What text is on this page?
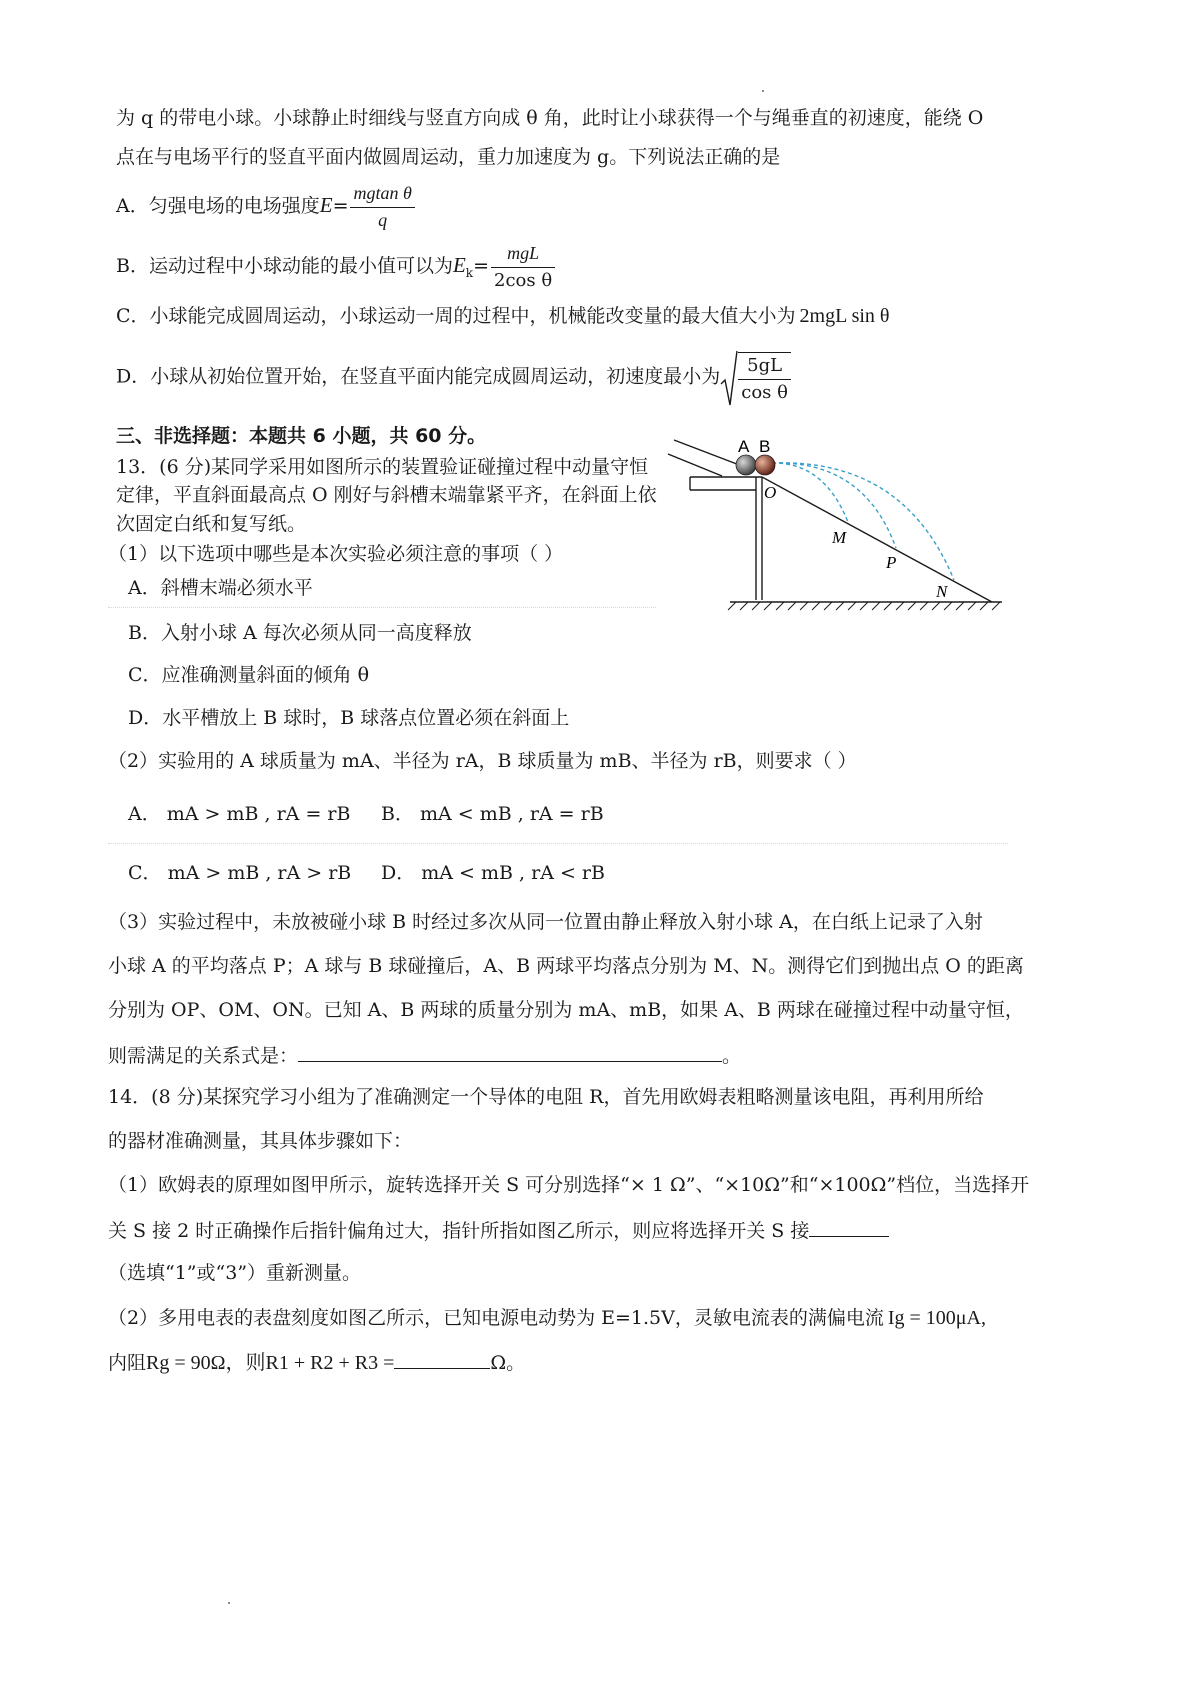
为 q 的带电小球。小球静止时细线与竖直方向成 θ 角，此时让小球获得一个与绳垂直的初速度，能绕 O
点在与电场平行的竖直平面内做圆周运动，重力加速度为 g。下列说法正确的是
A．匀强电场的电场强度$E= \frac{\text{mgtan θ}}{q}$
B．运动过程中小球动能的最小值可以为$E_k= \frac{\text{mgL}}{\text{2cos θ}}$
C．小球能完成圆周运动，小球运动一周的过程中，机械能改变量的最大值大小为 2mgL sin θ
D．小球从初始位置开始，在竖直平面内能完成圆周运动，初速度最小为 $\frac{5gL}{\text{cos θ}}$
三、非选择题：本题共 6 小题，共 60 分。
13．(6 分)某同学采用如图所示的装置验证碰撞过程中动量守恒
定律，平直斜面最高点 O 刚好与斜槽末端靠紧平齐，在斜面上依
次固定白纸和复写纸。
（1）以下选项中哪些是本次实验必须注意的事项（ ）
A．斜槽末端必须水平
B．入射小球 A 每次必须从同一高度释放
C．应准确测量斜面的倾角 θ
D．水平槽放上 B 球时，B 球落点位置必须在斜面上
（2）实验用的 A 球质量为 mA、半径为 rA，B 球质量为 mB、半径为 rB，则要求（ ）
A． mA > mB , rA = rB B． mA < mB , rA = rB
C． mA > mB , rA > rB D． mA < mB , rA < rB
（3）实验过程中，未放被碰小球 B 时经过多次从同一位置由静止释放入射小球 A，在白纸上记录了入射
小球 A 的平均落点 P；A 球与 B 球碰撞后，A、B 两球平均落点分别为 M、N。测得它们到抛出点 O 的距离
分别为 OP、OM、ON。已知 A、B 两球的质量分别为 mA、mB，如果 A、B 两球在碰撞过程中动量守恒，
则需满足的关系式是：	。
A B
O
M
P
N
14．(8 分)某探究学习小组为了准确测定一个导体的电阻 R，首先用欧姆表粗略测量该电阻，再利用所给
的器材准确测量，其具体步骤如下：
（1）欧姆表的原理如图甲所示，旋转选择开关 S 可分别选择“× 1 Ω”、“×10Ω”和“×100Ω”档位，当选择开
关 S 接 2 时正确操作后指针偏角过大，指针所指如图乙所示，则应将选择开关 S 接
（选填“1”或“3”）重新测量。
（2）多用电表的表盘刻度如图乙所示，已知电源电动势为 E=1.5V，灵敏电流表的满偏电流 Ig = 100μA,
内阻Rg = 90Ω，则R1 + R2 + R3 =	Ω。
